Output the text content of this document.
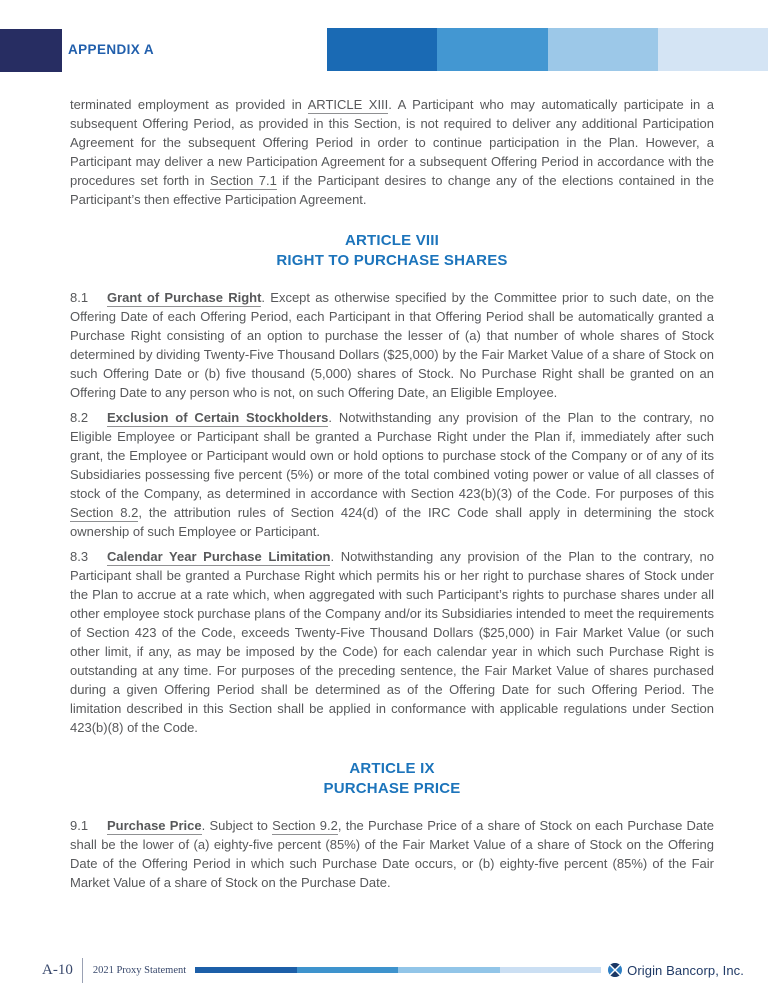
APPENDIX A

terminated employment as provided in ARTICLE XIII. A Participant who may automatically participate in a subsequent Offering Period, as provided in this Section, is not required to deliver any additional Participation Agreement for the subsequent Offering Period in order to continue participation in the Plan. However, a Participant may deliver a new Participation Agreement for a subsequent Offering Period in accordance with the procedures set forth in Section 7.1 if the Participant desires to change any of the elections contained in the Participant’s then effective Participation Agreement.

ARTICLE VIII
RIGHT TO PURCHASE SHARES

8.1 Grant of Purchase Right. Except as otherwise specified by the Committee prior to such date, on the Offering Date of each Offering Period, each Participant in that Offering Period shall be automatically granted a Purchase Right consisting of an option to purchase the lesser of (a) that number of whole shares of Stock determined by dividing Twenty-Five Thousand Dollars ($25,000) by the Fair Market Value of a share of Stock on such Offering Date or (b) five thousand (5,000) shares of Stock. No Purchase Right shall be granted on an Offering Date to any person who is not, on such Offering Date, an Eligible Employee.

8.2 Exclusion of Certain Stockholders. Notwithstanding any provision of the Plan to the contrary, no Eligible Employee or Participant shall be granted a Purchase Right under the Plan if, immediately after such grant, the Employee or Participant would own or hold options to purchase stock of the Company or of any of its Subsidiaries possessing five percent (5%) or more of the total combined voting power or value of all classes of stock of the Company, as determined in accordance with Section 423(b)(3) of the Code. For purposes of this Section 8.2, the attribution rules of Section 424(d) of the IRC Code shall apply in determining the stock ownership of such Employee or Participant.

8.3 Calendar Year Purchase Limitation. Notwithstanding any provision of the Plan to the contrary, no Participant shall be granted a Purchase Right which permits his or her right to purchase shares of Stock under the Plan to accrue at a rate which, when aggregated with such Participant’s rights to purchase shares under all other employee stock purchase plans of the Company and/or its Subsidiaries intended to meet the requirements of Section 423 of the Code, exceeds Twenty-Five Thousand Dollars ($25,000) in Fair Market Value (or such other limit, if any, as may be imposed by the Code) for each calendar year in which such Purchase Right is outstanding at any time. For purposes of the preceding sentence, the Fair Market Value of shares purchased during a given Offering Period shall be determined as of the Offering Date for such Offering Period. The limitation described in this Section shall be applied in conformance with applicable regulations under Section 423(b)(8) of the Code.

ARTICLE IX
PURCHASE PRICE

9.1 Purchase Price. Subject to Section 9.2, the Purchase Price of a share of Stock on each Purchase Date shall be the lower of (a) eighty-five percent (85%) of the Fair Market Value of a share of Stock on the Offering Date of the Offering Period in which such Purchase Date occurs, or (b) eighty-five percent (85%) of the Fair Market Value of a share of Stock on the Purchase Date.

A-10 2021 Proxy Statement	Origin Bancorp, Inc.
